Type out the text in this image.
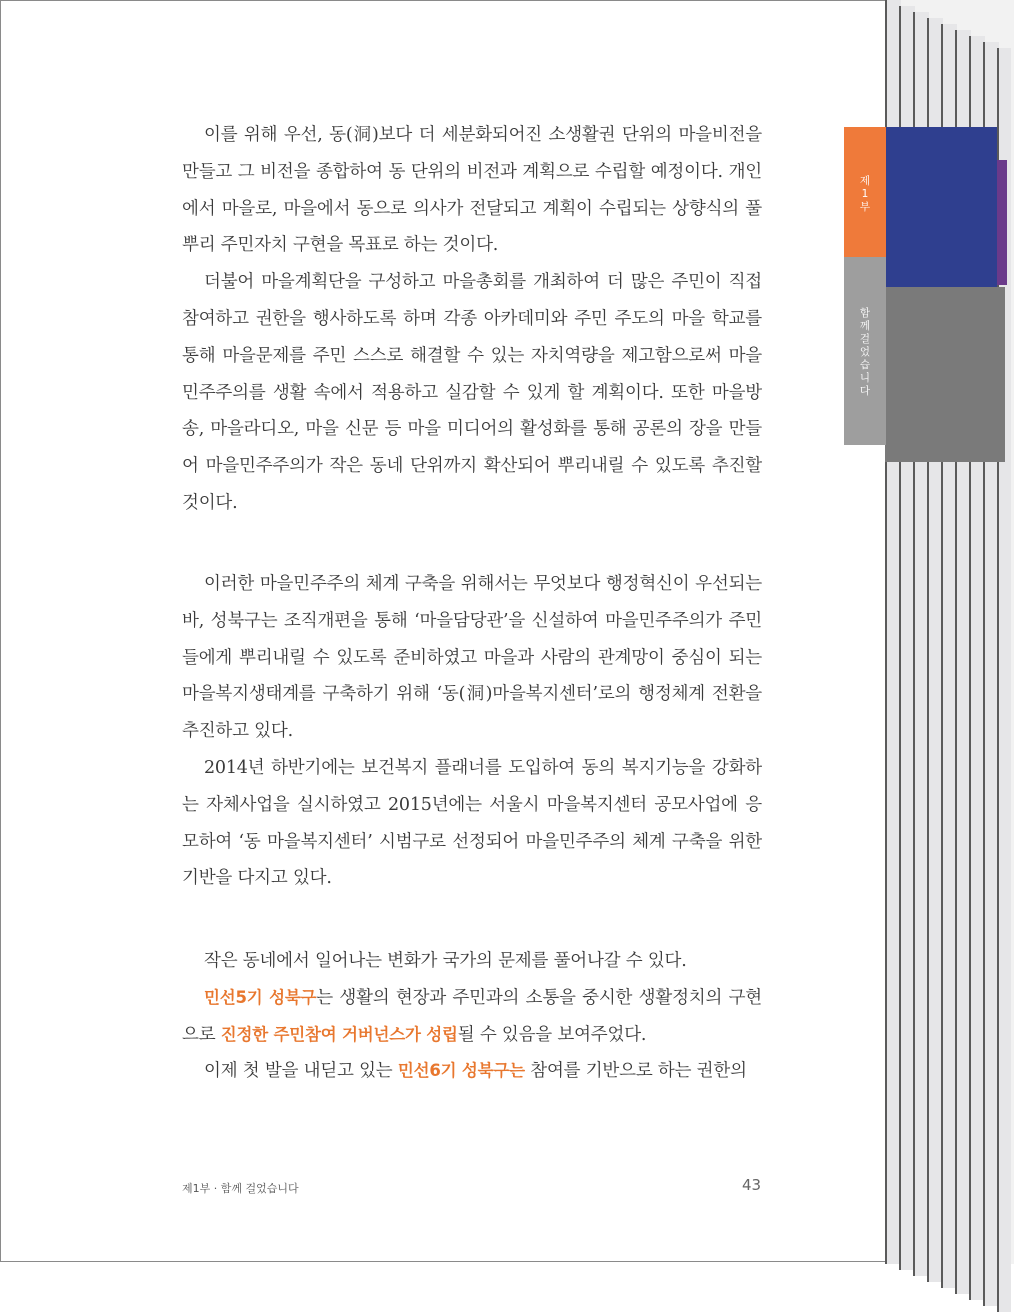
제1부
함께 걸었습니다

이를 위해 우선, 동(洞)보다 더 세분화되어진 소생활권 단위의 마을비전을 만들고 그 비전을 종합하여 동 단위의 비전과 계획으로 수립할 예정이다. 개인에서 마을로, 마을에서 동으로 의사가 전달되고 계획이 수립되는 상향식의 풀뿌리 주민자치 구현을 목표로 하는 것이다.

더불어 마을계획단을 구성하고 마을총회를 개최하여 더 많은 주민이 직접 참여하고 권한을 행사하도록 하며 각종 아카데미와 주민 주도의 마을 학교를 통해 마을문제를 주민 스스로 해결할 수 있는 자치역량을 제고함으로써 마을민주주의를 생활 속에서 적용하고 실감할 수 있게 할 계획이다. 또한 마을방송, 마을라디오, 마을 신문 등 마을 미디어의 활성화를 통해 공론의 장을 만들어 마을민주주의가 작은 동네 단위까지 확산되어 뿌리내릴 수 있도록 추진할 것이다.

이러한 마을민주주의 체계 구축을 위해서는 무엇보다 행정혁신이 우선되는 바, 성북구는 조직개편을 통해 ‘마을담당관’을 신설하여 마을민주주의가 주민들에게 뿌리내릴 수 있도록 준비하였고 마을과 사람의 관계망이 중심이 되는 마을복지생태계를 구축하기 위해 ‘동(洞)마을복지센터’로의 행정체계 전환을 추진하고 있다.

2014년 하반기에는 보건복지 플래너를 도입하여 동의 복지기능을 강화하는 자체사업을 실시하였고 2015년에는 서울시 마을복지센터 공모사업에 응모하여 ‘동 마을복지센터’ 시범구로 선정되어 마을민주주의 체계 구축을 위한 기반을 다지고 있다.

작은 동네에서 일어나는 변화가 국가의 문제를 풀어나갈 수 있다.

민선5기 성북구는 생활의 현장과 주민과의 소통을 중시한 생활정치의 구현으로 진정한 주민참여 거버넌스가 성립될 수 있음을 보여주었다.

이제 첫 발을 내딛고 있는 민선6기 성북구는 참여를 기반으로 하는 권한의

제1부 · 함께 걸었습니다	43
